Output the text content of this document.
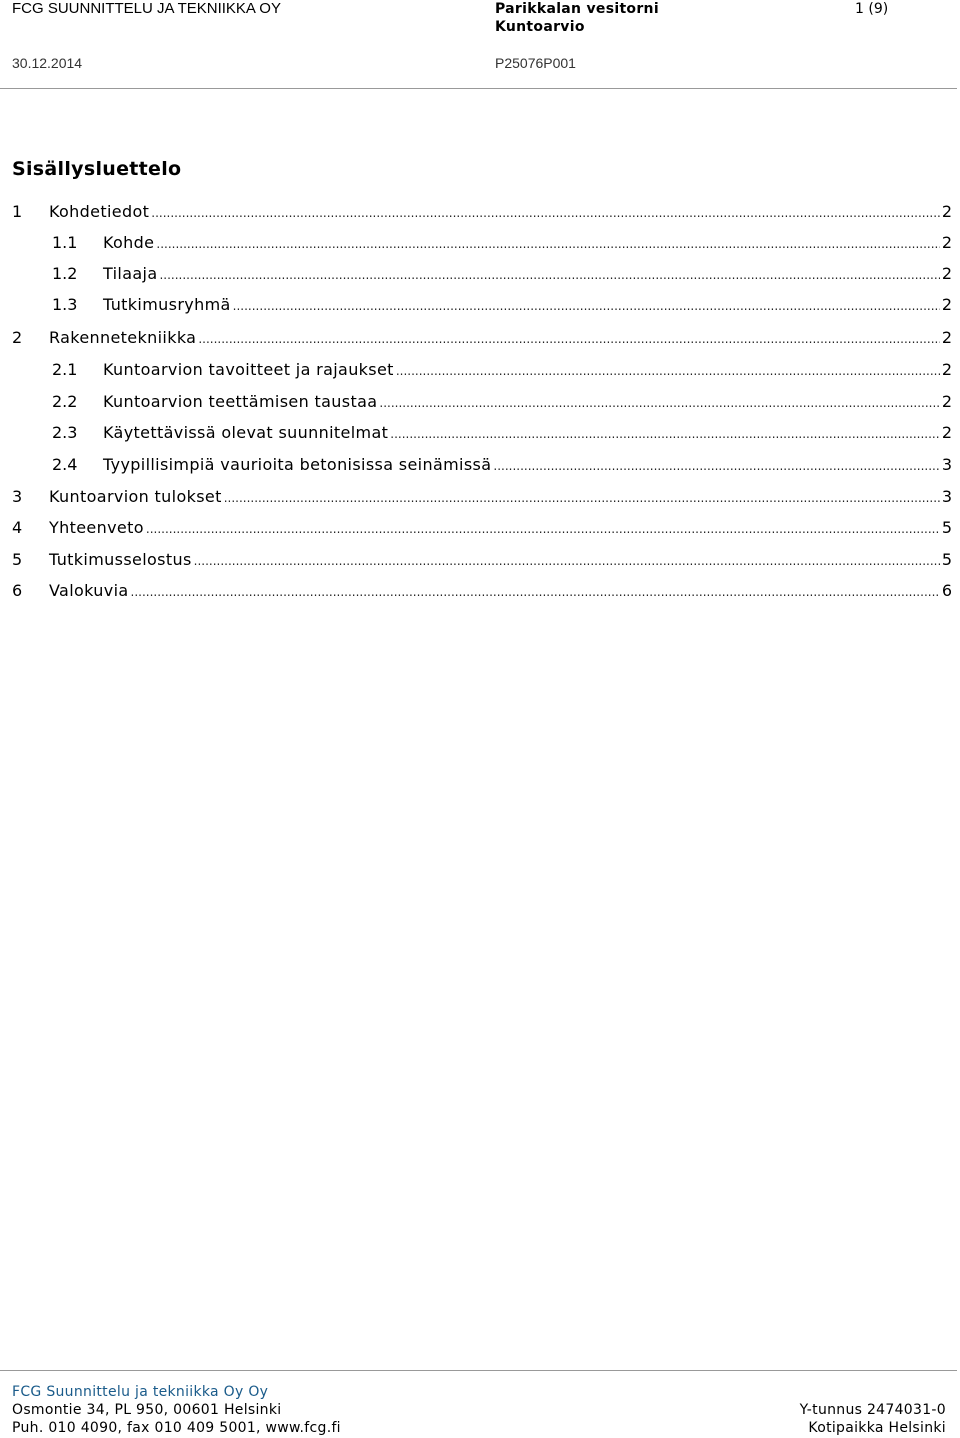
FCG SUUNNITTELU JA TEKNIIKKA OY	Parikkalan vesitorni
Kuntoarvio
1 (9)
30.12.2014	P25076P001
Sisällysluettelo
1	Kohdetiedot .....	2
1.1	Kohde .....	2
1.2	Tilaaja .....	2
1.3	Tutkimusryhmä .....	2
2	Rakennetekniikka .....	2
2.1	Kuntoarvion tavoitteet ja rajaukset .....	2
2.2	Kuntoarvion teettämisen taustaa .....	2
2.3	Käytettävissä olevat suunnitelmat .....	2
2.4	Tyypillisimpiä vaurioita betonisissa seinämissä .....	3
3	Kuntoarvion tulokset .....	3
4	Yhteenveto .....	5
5	Tutkimusselostus .....	5
6	Valokuvia .....	6
FCG Suunnittelu ja tekniikka Oy Oy
Osmontie 34, PL 950, 00601 Helsinki
Puh. 010 4090, fax 010 409 5001, www.fcg.fi
Y-tunnus 2474031-0
Kotipaikka Helsinki
